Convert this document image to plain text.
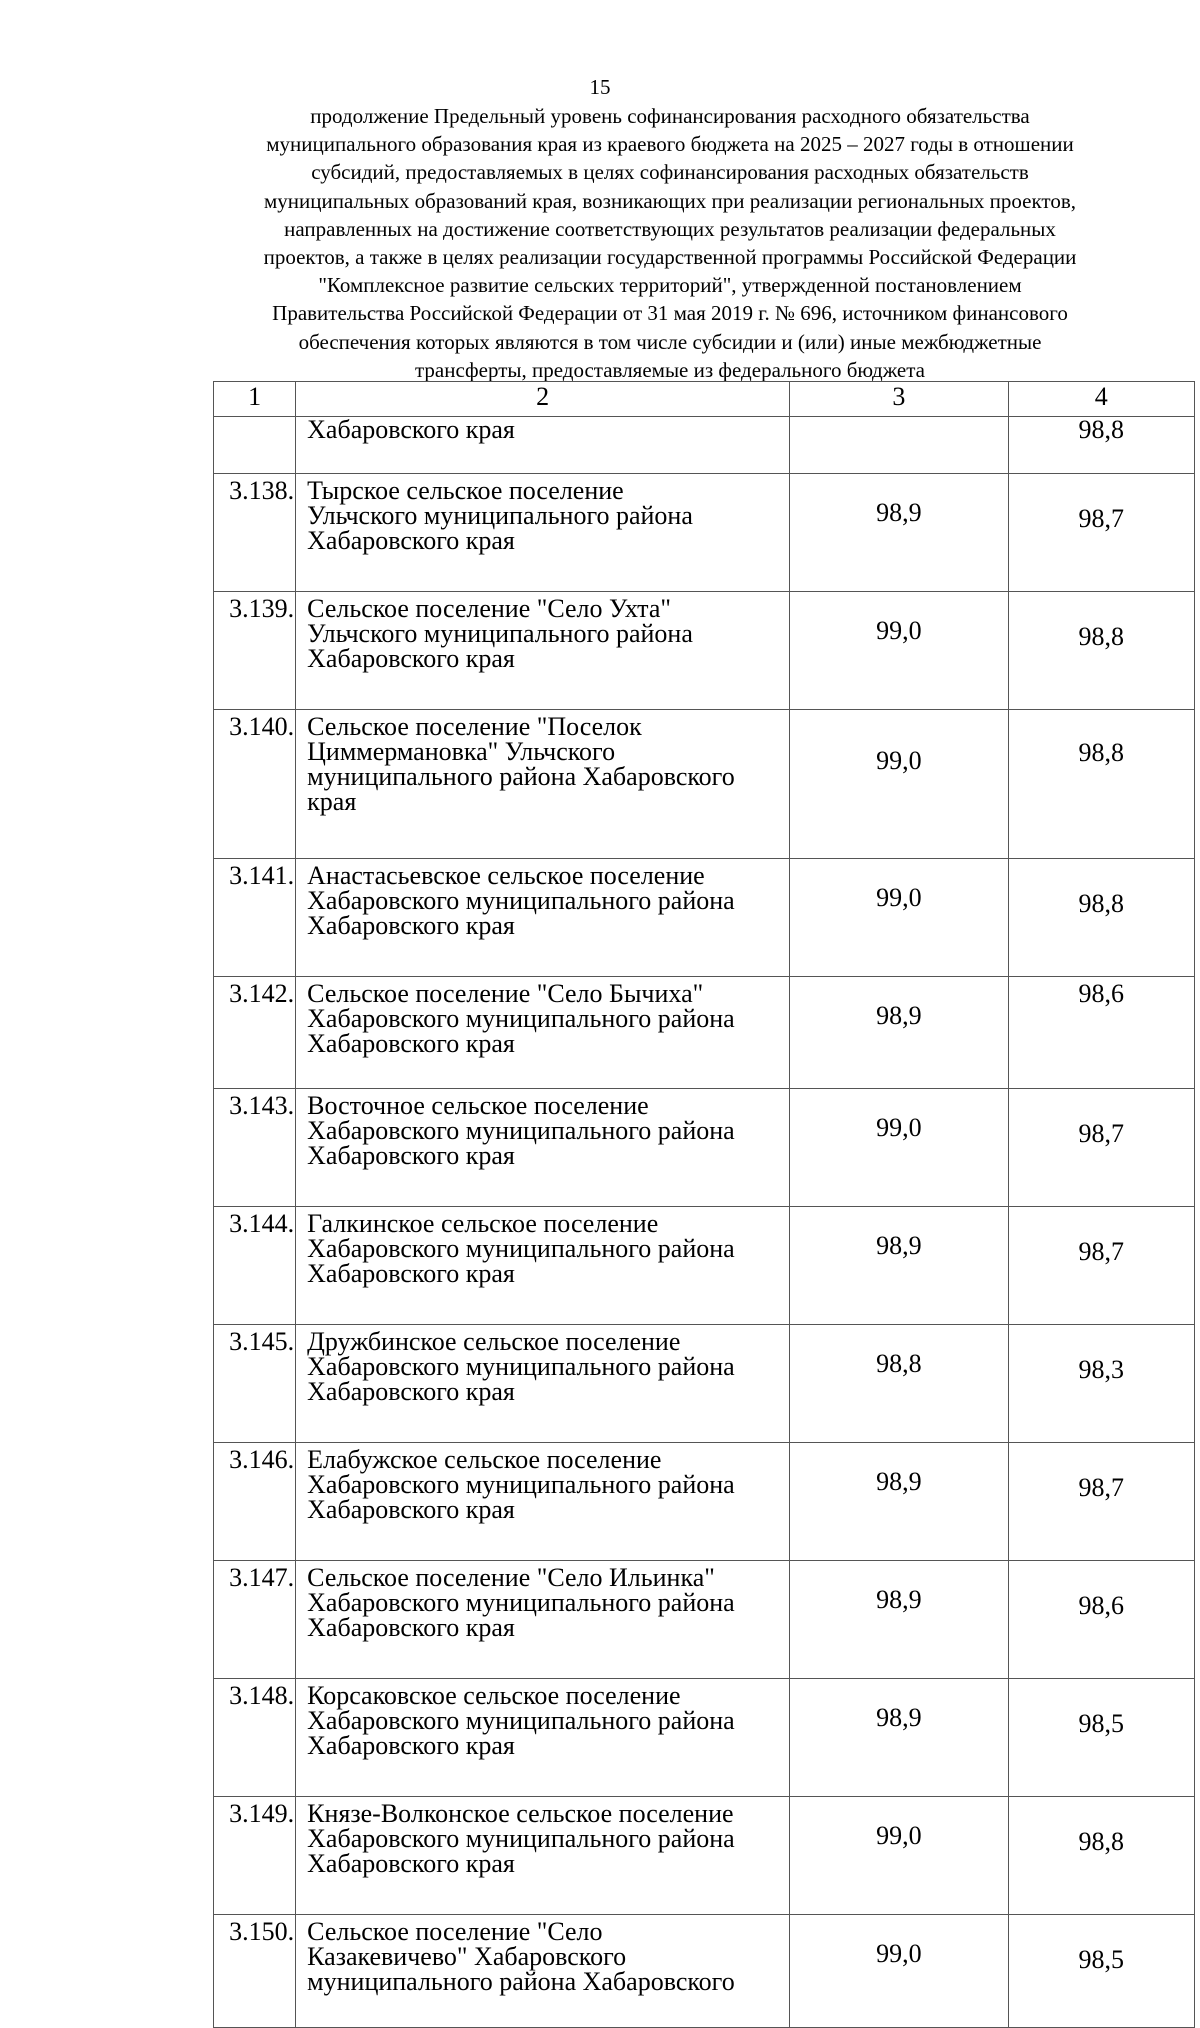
15
продолжение Предельный уровень софинансирования расходного обязательства
муниципального образования края из краевого бюджета на 2025 – 2027 годы в отношении
субсидий, предоставляемых в целях софинансирования расходных обязательств
муниципальных образований края, возникающих при реализации региональных проектов,
направленных на достижение соответствующих результатов реализации федеральных
проектов, а также в целях реализации государственной программы Российской Федерации
"Комплексное развитие сельских территорий", утвержденной постановлением
Правительства Российской Федерации от 31 мая 2019 г. № 696, источником финансового
обеспечения которых являются в том числе субсидии и (или) иные межбюджетные
трансферты, предоставляемые из федерального бюджета
1	2	3	4
	Хабаровского края		98,8
3.138.	Тырское сельское поселение
Ульчского муниципального района
Хабаровского края	98,9	98,7
3.139.	Сельское поселение "Село Ухта"
Ульчского муниципального района
Хабаровского края	99,0	98,8
3.140.	Сельское поселение "Поселок
Циммермановка" Ульчского
муниципального района Хабаровского
края	99,0	98,8
3.141.	Анастасьевское сельское поселение
Хабаровского муниципального района
Хабаровского края	99,0	98,8
3.142.	Сельское поселение "Село Бычиха"
Хабаровского муниципального района
Хабаровского края	98,9	98,6
3.143.	Восточное сельское поселение
Хабаровского муниципального района
Хабаровского края	99,0	98,7
3.144.	Галкинское сельское поселение
Хабаровского муниципального района
Хабаровского края	98,9	98,7
3.145.	Дружбинское сельское поселение
Хабаровского муниципального района
Хабаровского края	98,8	98,3
3.146.	Елабужское сельское поселение
Хабаровского муниципального района
Хабаровского края	98,9	98,7
3.147.	Сельское поселение "Село Ильинка"
Хабаровского муниципального района
Хабаровского края	98,9	98,6
3.148.	Корсаковское сельское поселение
Хабаровского муниципального района
Хабаровского края	98,9	98,5
3.149.	Князе-Волконское сельское поселение
Хабаровского муниципального района
Хабаровского края	99,0	98,8
3.150.	Сельское поселение "Село
Казакевичево" Хабаровского
муниципального района Хабаровского	99,0	98,5
